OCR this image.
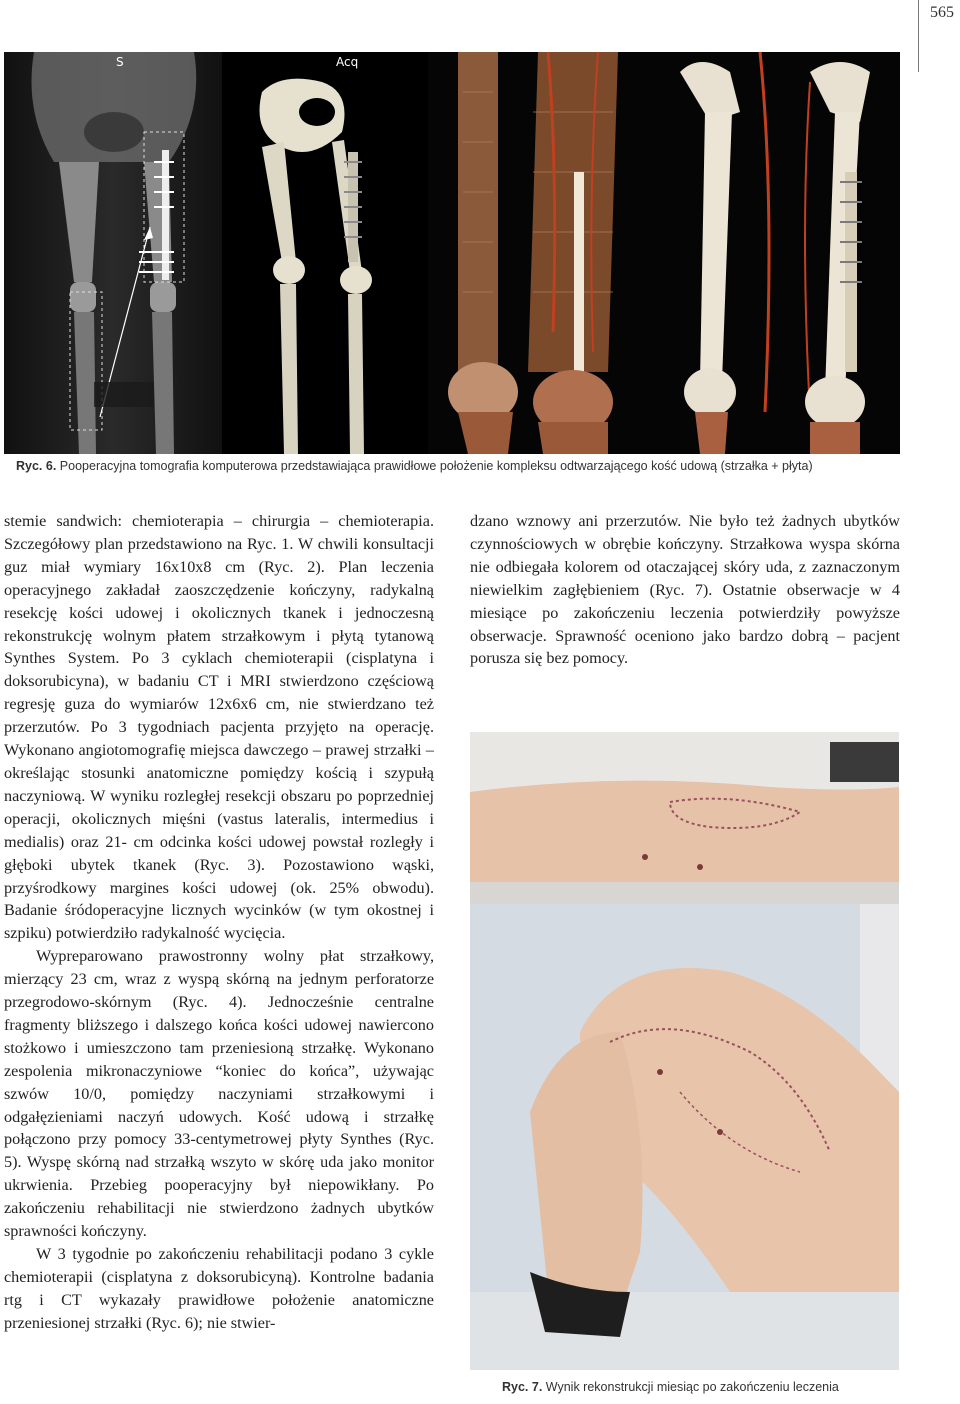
565
S	Acq
Ryc. 6. Pooperacyjna tomografia komputerowa przedstawiająca prawidłowe położenie kompleksu odtwarzającego kość udową (strzałka + płyta)

stemie sandwich: chemioterapia – chirurgia – chemioterapia. Szczegółowy plan przedstawiono na Ryc. 1. W chwili konsultacji guz miał wymiary 16x10x8 cm (Ryc. 2). Plan leczenia operacyjnego zakładał zaoszczędzenie kończyny, radykalną resekcję kości udowej i okolicznych tkanek i jednoczesną rekonstrukcję wolnym płatem strzałkowym i płytą tytanową Synthes System. Po 3 cyklach chemioterapii (cisplatyna i doksorubicyna), w badaniu CT i MRI stwierdzono częściową regresję guza do wymiarów 12x6x6 cm, nie stwierdzano też przerzutów. Po 3 tygodniach pacjenta przyjęto na operację. Wykonano angiotomografię miejsca dawczego – prawej strzałki – określając stosunki anatomiczne pomiędzy kością i szypułą naczyniową. W wyniku rozległej resekcji obszaru po poprzedniej operacji, okolicznych mięśni (vastus lateralis, intermedius i medialis) oraz 21- cm odcinka kości udowej powstał rozległy i głęboki ubytek tkanek (Ryc. 3). Pozostawiono wąski, przyśrodkowy margines kości udowej (ok. 25% obwodu). Badanie śródoperacyjne licznych wycinków (w tym okostnej i szpiku) potwierdziło radykalność wycięcia.

Wypreparowano prawostronny wolny płat strzałkowy, mierzący 23 cm, wraz z wyspą skórną na jednym perforatorze przegrodowo-skórnym (Ryc. 4). Jednocześnie centralne fragmenty bliższego i dalszego końca kości udowej nawiercono stożkowo i umieszczono tam przeniesioną strzałkę. Wykonano zespolenia mikronaczyniowe “koniec do końca”, używając szwów 10/0, pomiędzy naczyniami strzałkowymi i odgałęzieniami naczyń udowych. Kość udową i strzałkę połączono przy pomocy 33-centymetrowej płyty Synthes (Ryc. 5). Wyspę skórną nad strzałką wszyto w skórę uda jako monitor ukrwienia. Przebieg pooperacyjny był niepowikłany. Po zakończeniu rehabilitacji nie stwierdzono żadnych ubytków sprawności kończyny.

W 3 tygodnie po zakończeniu rehabilitacji podano 3 cykle chemioterapii (cisplatyna z doksorubicyną). Kontrolne badania rtg i CT wykazały prawidłowe położenie anatomiczne przeniesionej strzałki (Ryc. 6); nie stwier-

dzano wznowy ani przerzutów. Nie było też żadnych ubytków czynnościowych w obrębie kończyny. Strzałkowa wyspa skórna nie odbiegała kolorem od otaczającej skóry uda, z zaznaczonym niewielkim zagłębieniem (Ryc. 7). Ostatnie obserwacje w 4 miesiące po zakończeniu leczenia potwierdziły powyższe obserwacje. Sprawność oceniono jako bardzo dobrą – pacjent porusza się bez pomocy.

Ryc. 7. Wynik rekonstrukcji miesiąc po zakończeniu leczenia
